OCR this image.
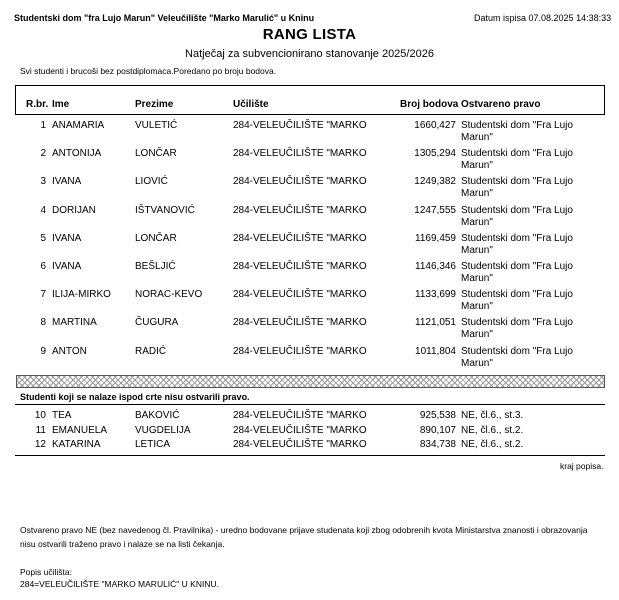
Studentski dom "fra Lujo Marun" Veleučilište "Marko Marulić" u Kninu	Datum ispisa 07.08.2025 14:38:33
RANG LISTA
Natječaj za subvencionirano stanovanje 2025/2026
Svi studenti i brucoši bez postdiplomaca.Poredano po broju bodova.
R.br. Ime	Prezime	Učilište	Broj bodova Ostvareno pravo
1 ANAMARIA	VULETIĆ	284-VELEUČILIŠTE "MARKO	1660,427 Studentski dom "Fra Lujo Marun"
2 ANTONIJA	LONČAR	284-VELEUČILIŠTE "MARKO	1305,294 Studentski dom "Fra Lujo Marun"
3 IVANA	LIOVIĆ	284-VELEUČILIŠTE "MARKO	1249,382 Studentski dom "Fra Lujo Marun"
4 DORIJAN	IŠTVANOVIĆ	284-VELEUČILIŠTE "MARKO	1247,555 Studentski dom "Fra Lujo Marun"
5 IVANA	LONČAR	284-VELEUČILIŠTE "MARKO	1169,459 Studentski dom "Fra Lujo Marun"
6 IVANA	BEŠLJIĆ	284-VELEUČILIŠTE "MARKO	1146,346 Studentski dom "Fra Lujo Marun"
7 ILIJA-MIRKO NORAC-KEVO	284-VELEUČILIŠTE "MARKO	1133,699 Studentski dom "Fra Lujo Marun"
8 MARTINA	ČUGURA	284-VELEUČILIŠTE "MARKO	1121,051 Studentski dom "Fra Lujo Marun"
9 ANTON	RADIĆ	284-VELEUČILIŠTE "MARKO	1011,804 Studentski dom "Fra Lujo Marun"
Studenti koji se nalaze ispod crte nisu ostvarili pravo.
10 TEA	BAKOVIĆ	284-VELEUČILIŠTE "MARKO	925,538 NE, čl.6., st.3.
11 EMANUELA	VUGDELIJA	284-VELEUČILIŠTE "MARKO	890,107 NE, čl.6., st.2.
12 KATARINA	LETICA	284-VELEUČILIŠTE "MARKO	834,738 NE, čl.6., st.2.
kraj popisa.
Ostvareno pravo NE (bez navedenog čl. Pravilnika) - uredno bodovane prijave studenata koji zbog odobrenih kvota Ministarstva znanosti i obrazovanja nisu ostvarili traženo pravo i nalaze se na listi čekanja.
Popis učilišta:
284=VELEUČILIŠTE "MARKO MARULIĆ" U KNINU.
